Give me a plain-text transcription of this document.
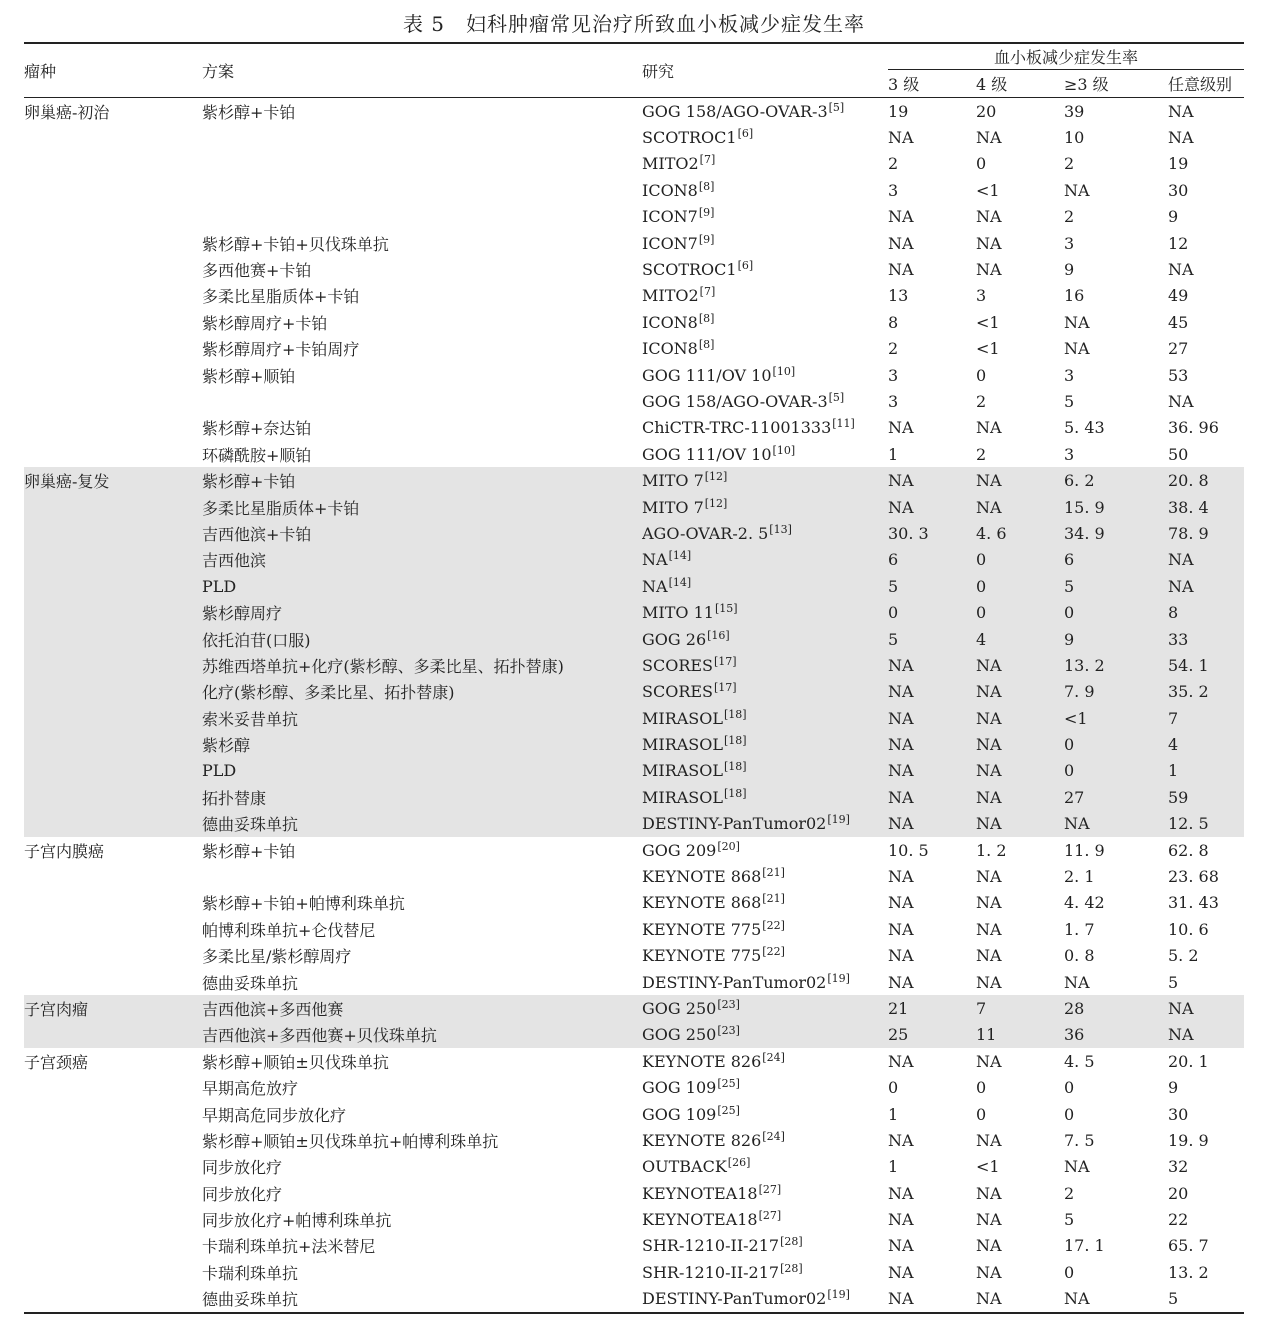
表 5　妇科肿瘤常见治疗所致血小板减少症发生率
瘤种	方案	研究	血小板减少症发生率			
			3 级	4 级	≥3 级	任意级别
卵巢癌-初治	紫杉醇+卡铂	GOG 158/AGO-OVAR-3[5]	19	20	39	NA
		SCOTROC1[6]	NA	NA	10	NA
		MITO2[7]	2	0	2	19
		ICON8[8]	3	<1	NA	30
		ICON7[9]	NA	NA	2	9
	紫杉醇+卡铂+贝伐珠单抗	ICON7[9]	NA	NA	3	12
	多西他赛+卡铂	SCOTROC1[6]	NA	NA	9	NA
	多柔比星脂质体+卡铂	MITO2[7]	13	3	16	49
	紫杉醇周疗+卡铂	ICON8[8]	8	<1	NA	45
	紫杉醇周疗+卡铂周疗	ICON8[8]	2	<1	NA	27
	紫杉醇+顺铂	GOG 111/OV 10[10]	3	0	3	53
		GOG 158/AGO-OVAR-3[5]	3	2	5	NA
	紫杉醇+奈达铂	ChiCTR-TRC-11001333[11]	NA	NA	5. 43	36. 96
	环磷酰胺+顺铂	GOG 111/OV 10[10]	1	2	3	50
卵巢癌-复发	紫杉醇+卡铂	MITO 7[12]	NA	NA	6. 2	20. 8
	多柔比星脂质体+卡铂	MITO 7[12]	NA	NA	15. 9	38. 4
	吉西他滨+卡铂	AGO-OVAR-2. 5[13]	30. 3	4. 6	34. 9	78. 9
	吉西他滨	NA[14]	6	0	6	NA
	PLD	NA[14]	5	0	5	NA
	紫杉醇周疗	MITO 11[15]	0	0	0	8
	依托泊苷(口服)	GOG 26[16]	5	4	9	33
	苏维西塔单抗+化疗(紫杉醇、多柔比星、拓扑替康)	SCORES[17]	NA	NA	13. 2	54. 1
	化疗(紫杉醇、多柔比星、拓扑替康)	SCORES[17]	NA	NA	7. 9	35. 2
	索米妥昔单抗	MIRASOL[18]	NA	NA	<1	7
	紫杉醇	MIRASOL[18]	NA	NA	0	4
	PLD	MIRASOL[18]	NA	NA	0	1
	拓扑替康	MIRASOL[18]	NA	NA	27	59
	德曲妥珠单抗	DESTINY-PanTumor02[19]	NA	NA	NA	12. 5
子宫内膜癌	紫杉醇+卡铂	GOG 209[20]	10. 5	1. 2	11. 9	62. 8
		KEYNOTE 868[21]	NA	NA	2. 1	23. 68
	紫杉醇+卡铂+帕博利珠单抗	KEYNOTE 868[21]	NA	NA	4. 42	31. 43
	帕博利珠单抗+仑伐替尼	KEYNOTE 775[22]	NA	NA	1. 7	10. 6
	多柔比星/紫杉醇周疗	KEYNOTE 775[22]	NA	NA	0. 8	5. 2
	德曲妥珠单抗	DESTINY-PanTumor02[19]	NA	NA	NA	5
子宫肉瘤	吉西他滨+多西他赛	GOG 250[23]	21	7	28	NA
	吉西他滨+多西他赛+贝伐珠单抗	GOG 250[23]	25	11	36	NA
子宫颈癌	紫杉醇+顺铂±贝伐珠单抗	KEYNOTE 826[24]	NA	NA	4. 5	20. 1
	早期高危放疗	GOG 109[25]	0	0	0	9
	早期高危同步放化疗	GOG 109[25]	1	0	0	30
	紫杉醇+顺铂±贝伐珠单抗+帕博利珠单抗	KEYNOTE 826[24]	NA	NA	7. 5	19. 9
	同步放化疗	OUTBACK[26]	1	<1	NA	32
	同步放化疗	KEYNOTEA18[27]	NA	NA	2	20
	同步放化疗+帕博利珠单抗	KEYNOTEA18[27]	NA	NA	5	22
	卡瑞利珠单抗+法米替尼	SHR-1210-II-217[28]	NA	NA	17. 1	65. 7
	卡瑞利珠单抗	SHR-1210-II-217[28]	NA	NA	0	13. 2
	德曲妥珠单抗	DESTINY-PanTumor02[19]	NA	NA	NA	5
